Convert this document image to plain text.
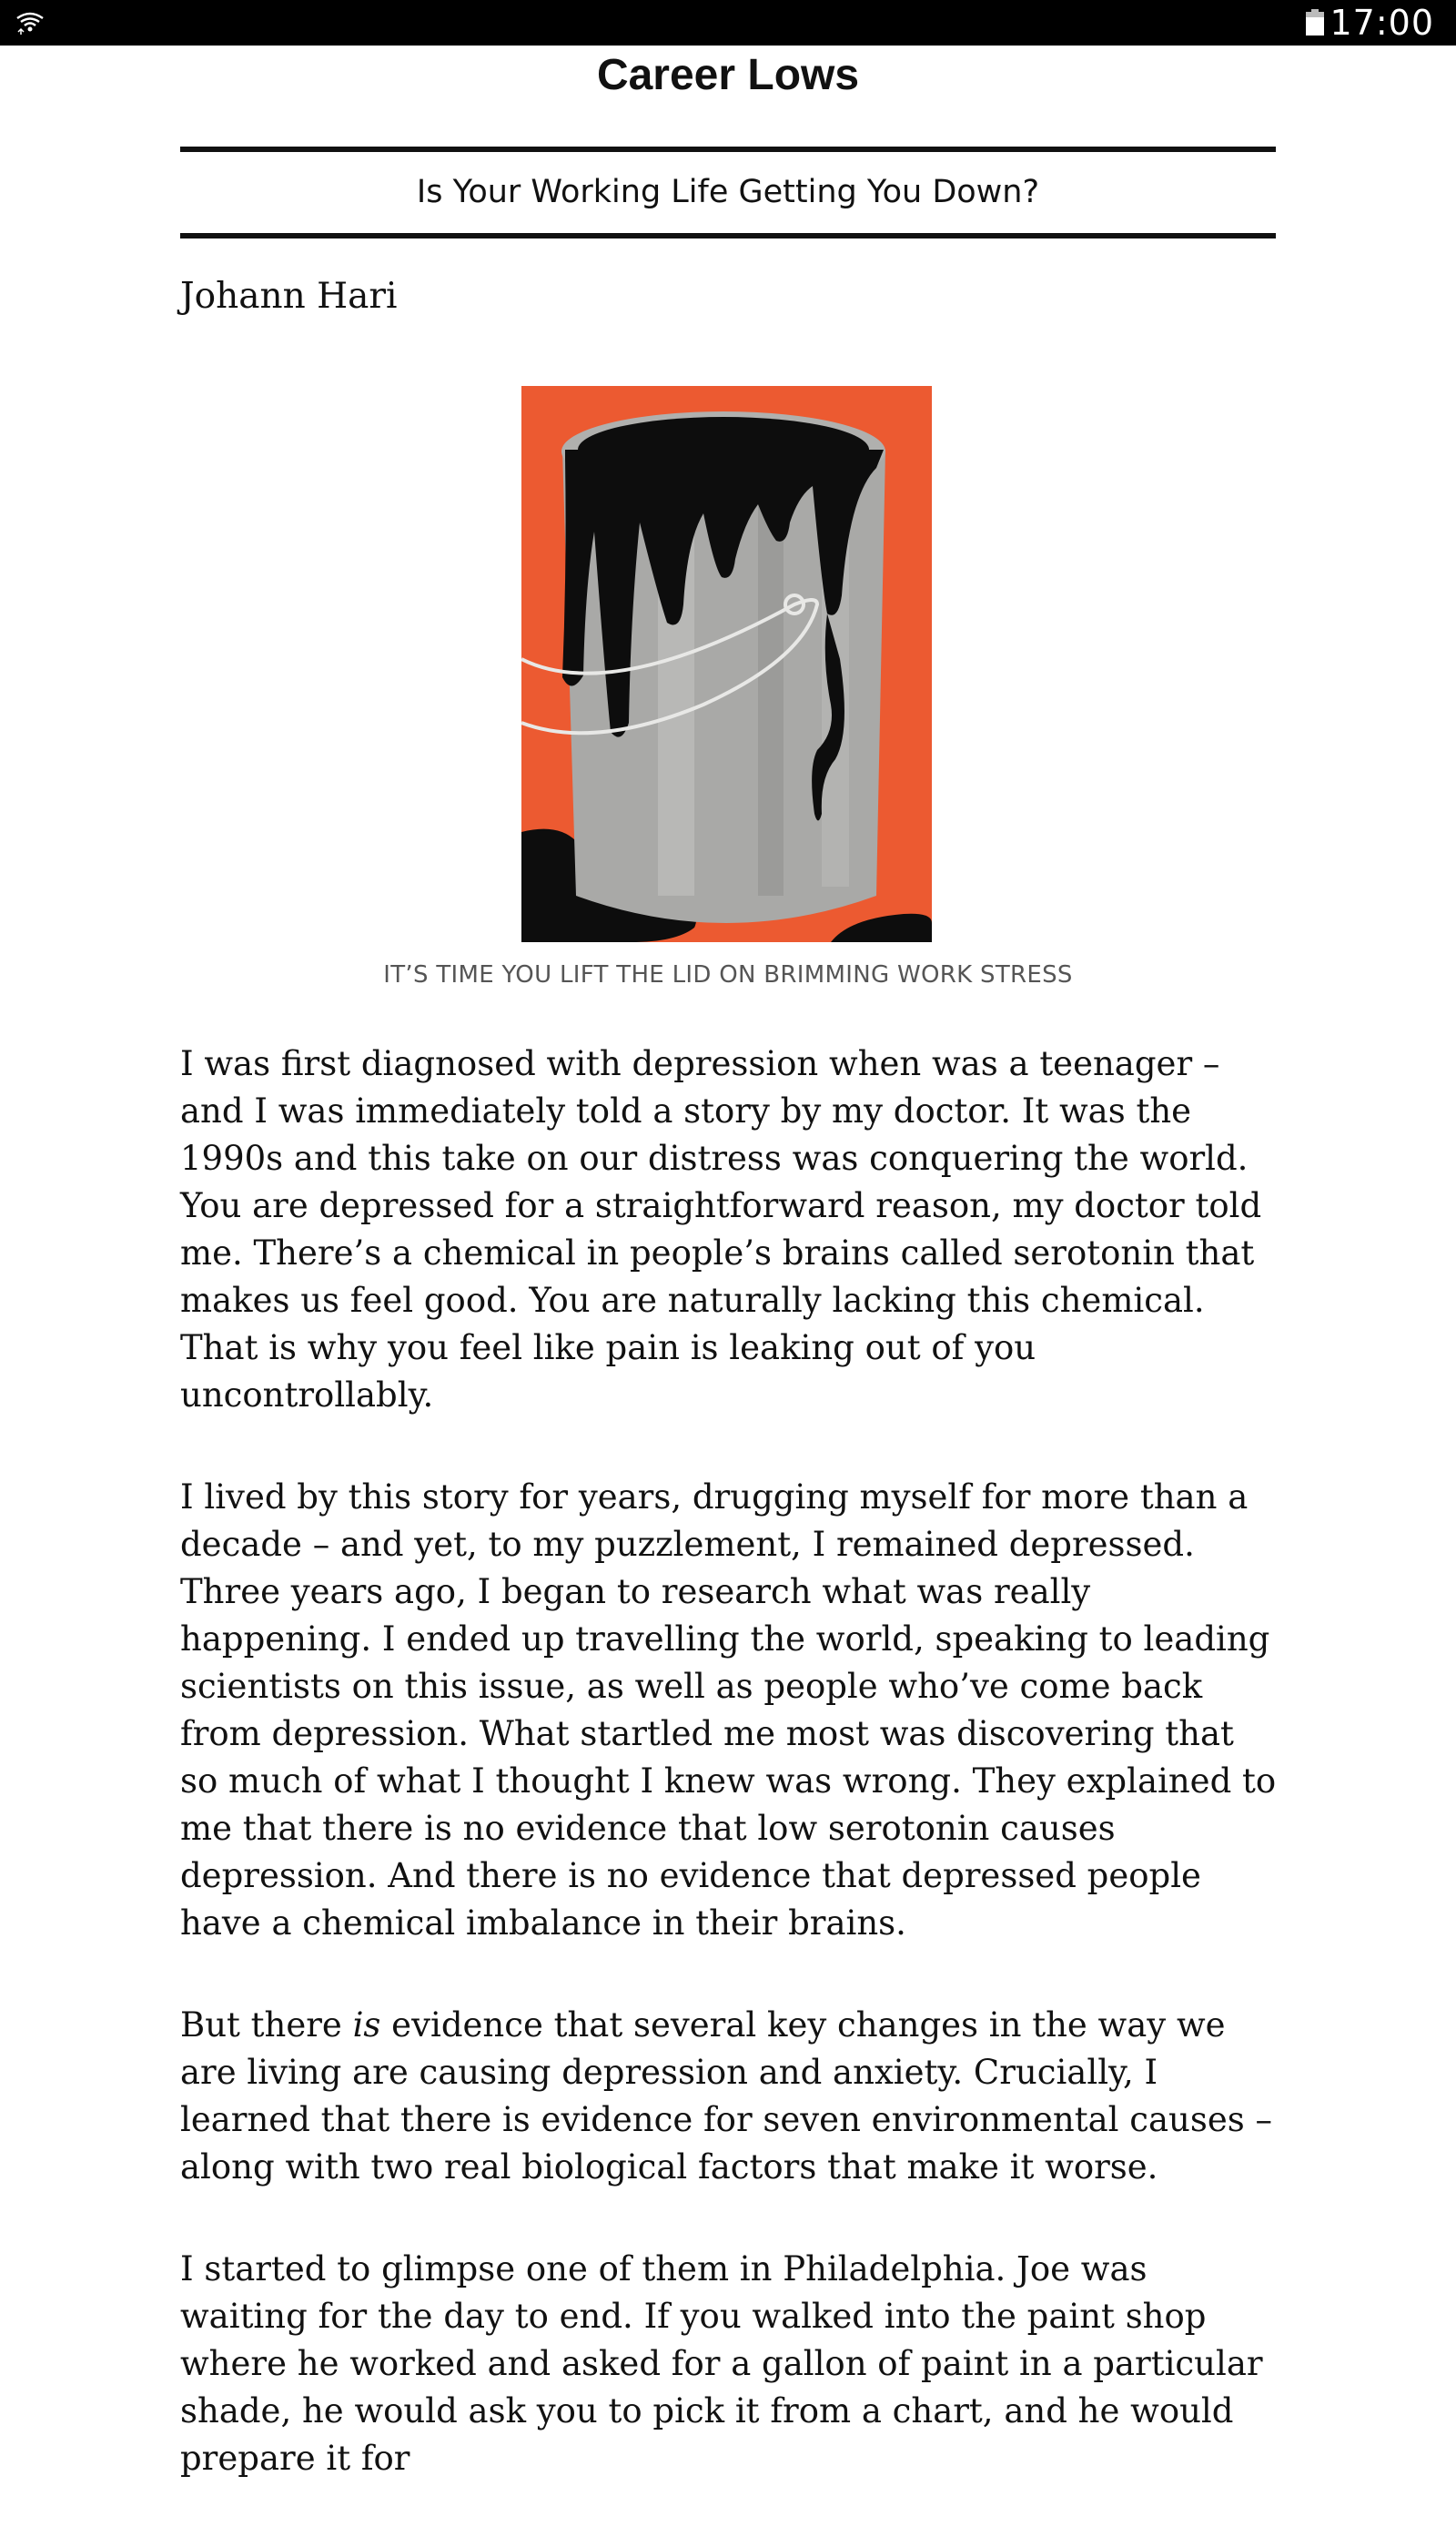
17:00
Career Lows
Is Your Working Life Getting You Down?
Johann Hari
IT’S TIME YOU LIFT THE LID ON BRIMMING WORK STRESS

I was first diagnosed with depression when was a teenager – and I was immediately told a story by my doctor. It was the 1990s and this take on our distress was conquering the world. You are depressed for a straightforward reason, my doctor told me. There’s a chemical in people’s brains called serotonin that makes us feel good. You are naturally lacking this chemical. That is why you feel like pain is leaking out of you uncontrollably.

I lived by this story for years, drugging myself for more than a decade – and yet, to my puzzlement, I remained depressed. Three years ago, I began to research what was really happening. I ended up travelling the world, speaking to leading scientists on this issue, as well as people who’ve come back from depression. What startled me most was discovering that so much of what I thought I knew was wrong. They explained to me that there is no evidence that low serotonin causes depression. And there is no evidence that depressed people have a chemical imbalance in their brains.

But there is evidence that several key changes in the way we are living are causing depression and anxiety. Crucially, I learned that there is evidence for seven environmental causes – along with two real biological factors that make it worse.

I started to glimpse one of them in Philadelphia. Joe was waiting for the day to end. If you walked into the paint shop where he worked and asked for a gallon of paint in a particular shade, he would ask you to pick it from a chart, and he would prepare it for
